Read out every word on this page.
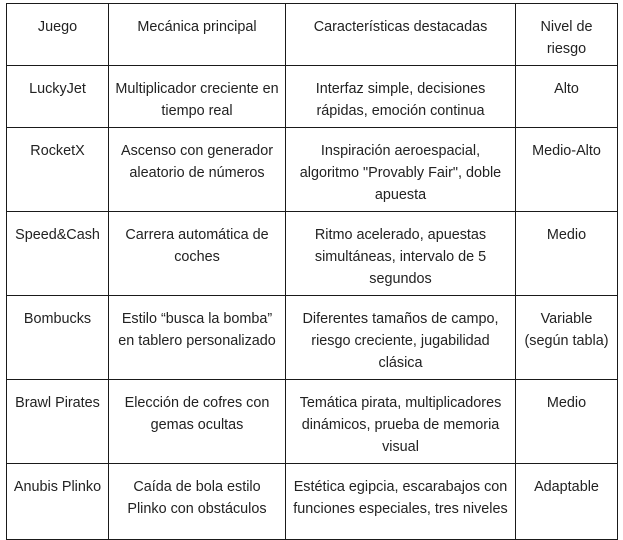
Juego	Mecánica principal	Características destacadas	Nivel de riesgo
LuckyJet	Multiplicador creciente en tiempo real	Interfaz simple, decisiones rápidas, emoción continua	Alto
RocketX	Ascenso con generador aleatorio de números	Inspiración aeroespacial, algoritmo "Provably Fair", doble apuesta	Medio-Alto
Speed&Cash	Carrera automática de coches	Ritmo acelerado, apuestas simultáneas, intervalo de 5 segundos	Medio
Bombucks	Estilo “busca la bomba” en tablero personalizado	Diferentes tamaños de campo, riesgo creciente, jugabilidad clásica	Variable (según tabla)
Brawl Pirates	Elección de cofres con gemas ocultas	Temática pirata, multiplicadores dinámicos, prueba de memoria visual	Medio
Anubis Plinko	Caída de bola estilo Plinko con obstáculos	Estética egipcia, escarabajos con funciones especiales, tres niveles	Adaptable
